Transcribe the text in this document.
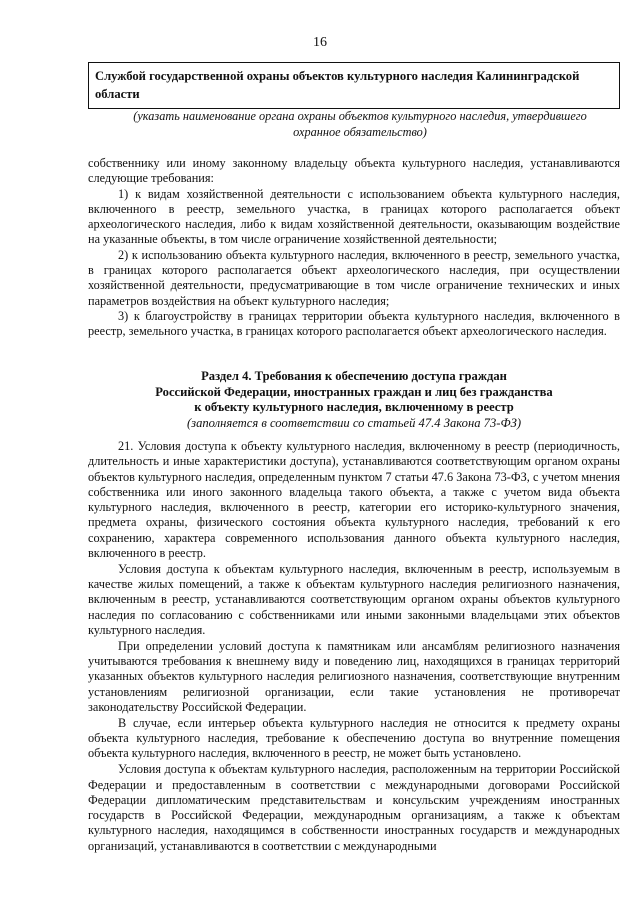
16
Службой государственной охраны объектов культурного наследия Калининградской области
(указать наименование органа охраны объектов культурного наследия, утвердившего охранное обязательство)

собственнику или иному законному владельцу объекта культурного наследия, устанавливаются следующие требования:

1) к видам хозяйственной деятельности с использованием объекта культурного наследия, включенного в реестр, земельного участка, в границах которого располагается объект археологического наследия, либо к видам хозяйственной деятельности, оказывающим воздействие на указанные объекты, в том числе ограничение хозяйственной деятельности;

2) к использованию объекта культурного наследия, включенного в реестр, земельного участка, в границах которого располагается объект археологического наследия, при осуществлении хозяйственной деятельности, предусматривающие в том числе ограничение технических и иных параметров воздействия на объект культурного наследия;

3) к благоустройству в границах территории объекта культурного наследия, включенного в реестр, земельного участка, в границах которого располагается объект археологического наследия.

Раздел 4. Требования к обеспечению доступа граждан
Российской Федерации, иностранных граждан и лиц без гражданства
к объекту культурного наследия, включенному в реестр
(заполняется в соответствии со статьей 47.4 Закона 73-ФЗ)

21. Условия доступа к объекту культурного наследия, включенному в реестр (периодичность, длительность и иные характеристики доступа), устанавливаются соответствующим органом охраны объектов культурного наследия, определенным пунктом 7 статьи 47.6 Закона 73-ФЗ, с учетом мнения собственника или иного законного владельца такого объекта, а также с учетом вида объекта культурного наследия, включенного в реестр, категории его историко-культурного значения, предмета охраны, физического состояния объекта культурного наследия, требований к его сохранению, характера современного использования данного объекта культурного наследия, включенного в реестр.

Условия доступа к объектам культурного наследия, включенным в реестр, используемым в качестве жилых помещений, а также к объектам культурного наследия религиозного назначения, включенным в реестр, устанавливаются соответствующим органом охраны объектов культурного наследия по согласованию с собственниками или иными законными владельцами этих объектов культурного наследия.

При определении условий доступа к памятникам или ансамблям религиозного назначения учитываются требования к внешнему виду и поведению лиц, находящихся в границах территорий указанных объектов культурного наследия религиозного назначения, соответствующие внутренним установлениям религиозной организации, если такие установления не противоречат законодательству Российской Федерации.

В случае, если интерьер объекта культурного наследия не относится к предмету охраны объекта культурного наследия, требование к обеспечению доступа во внутренние помещения объекта культурного наследия, включенного в реестр, не может быть установлено.

Условия доступа к объектам культурного наследия, расположенным на территории Российской Федерации и предоставленным в соответствии с международными договорами Российской Федерации дипломатическим представительствам и консульским учреждениям иностранных государств в Российской Федерации, международным организациям, а также к объектам культурного наследия, находящимся в собственности иностранных государств и международных организаций, устанавливаются в соответствии с международными
